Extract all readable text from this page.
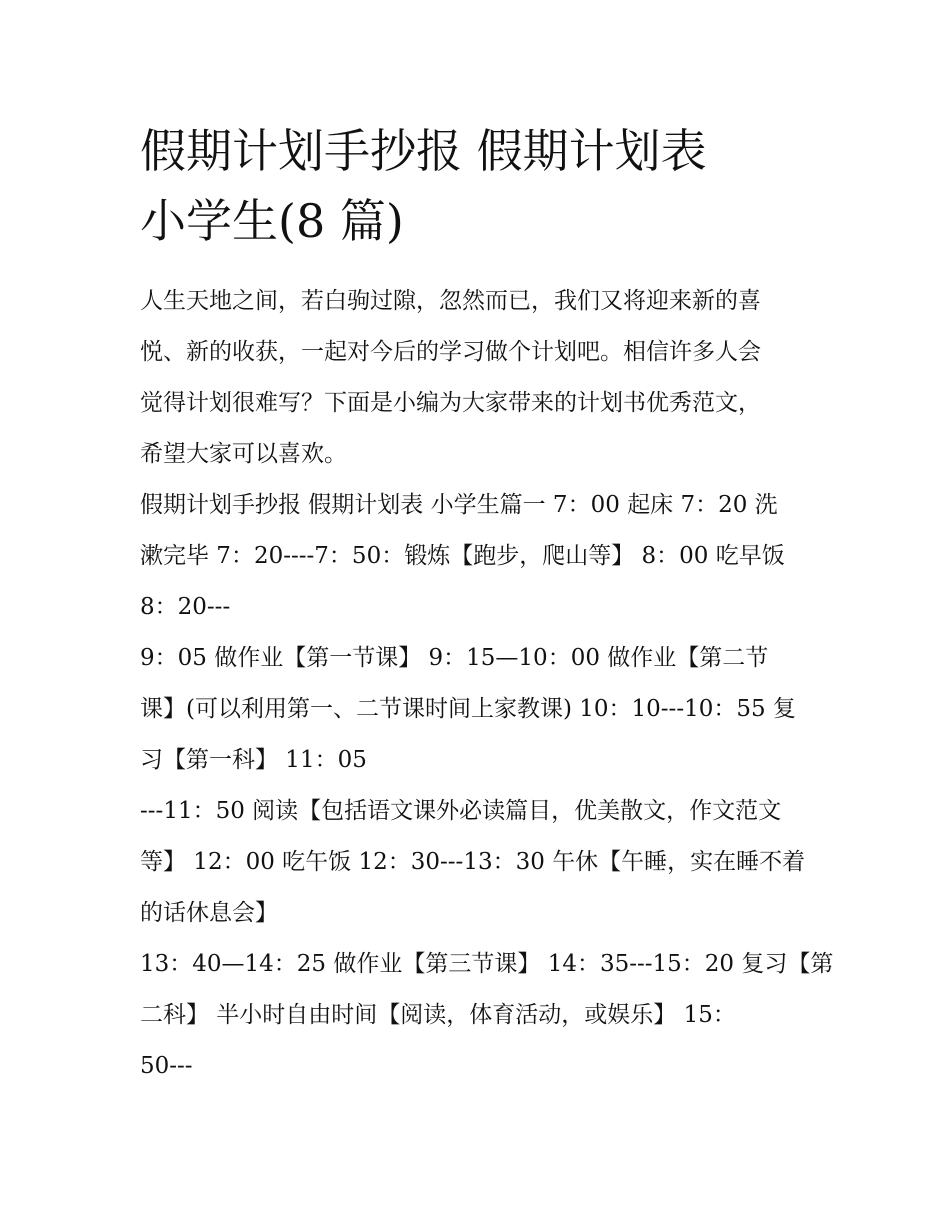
假期计划手抄报 假期计划表
小学生(8 篇)
人生天地之间，若白驹过隙，忽然而已，我们又将迎来新的喜
悦、新的收获，一起对今后的学习做个计划吧。相信许多人会
觉得计划很难写？下面是小编为大家带来的计划书优秀范文，
希望大家可以喜欢。
假期计划手抄报 假期计划表 小学生篇一 7：00 起床 7：20 洗
漱完毕 7：20----7：50：锻炼【跑步，爬山等】 8：00 吃早饭
8：20---
9：05 做作业【第一节课】 9：15—10：00 做作业【第二节
课】(可以利用第一、二节课时间上家教课) 10：10---10：55 复
习【第一科】 11：05
---11：50 阅读【包括语文课外必读篇目，优美散文，作文范文
等】 12：00 吃午饭 12：30---13：30 午休【午睡，实在睡不着
的话休息会】
13：40—14：25 做作业【第三节课】 14：35---15：20 复习【第
二科】 半小时自由时间【阅读，体育活动，或娱乐】 15：
50---
